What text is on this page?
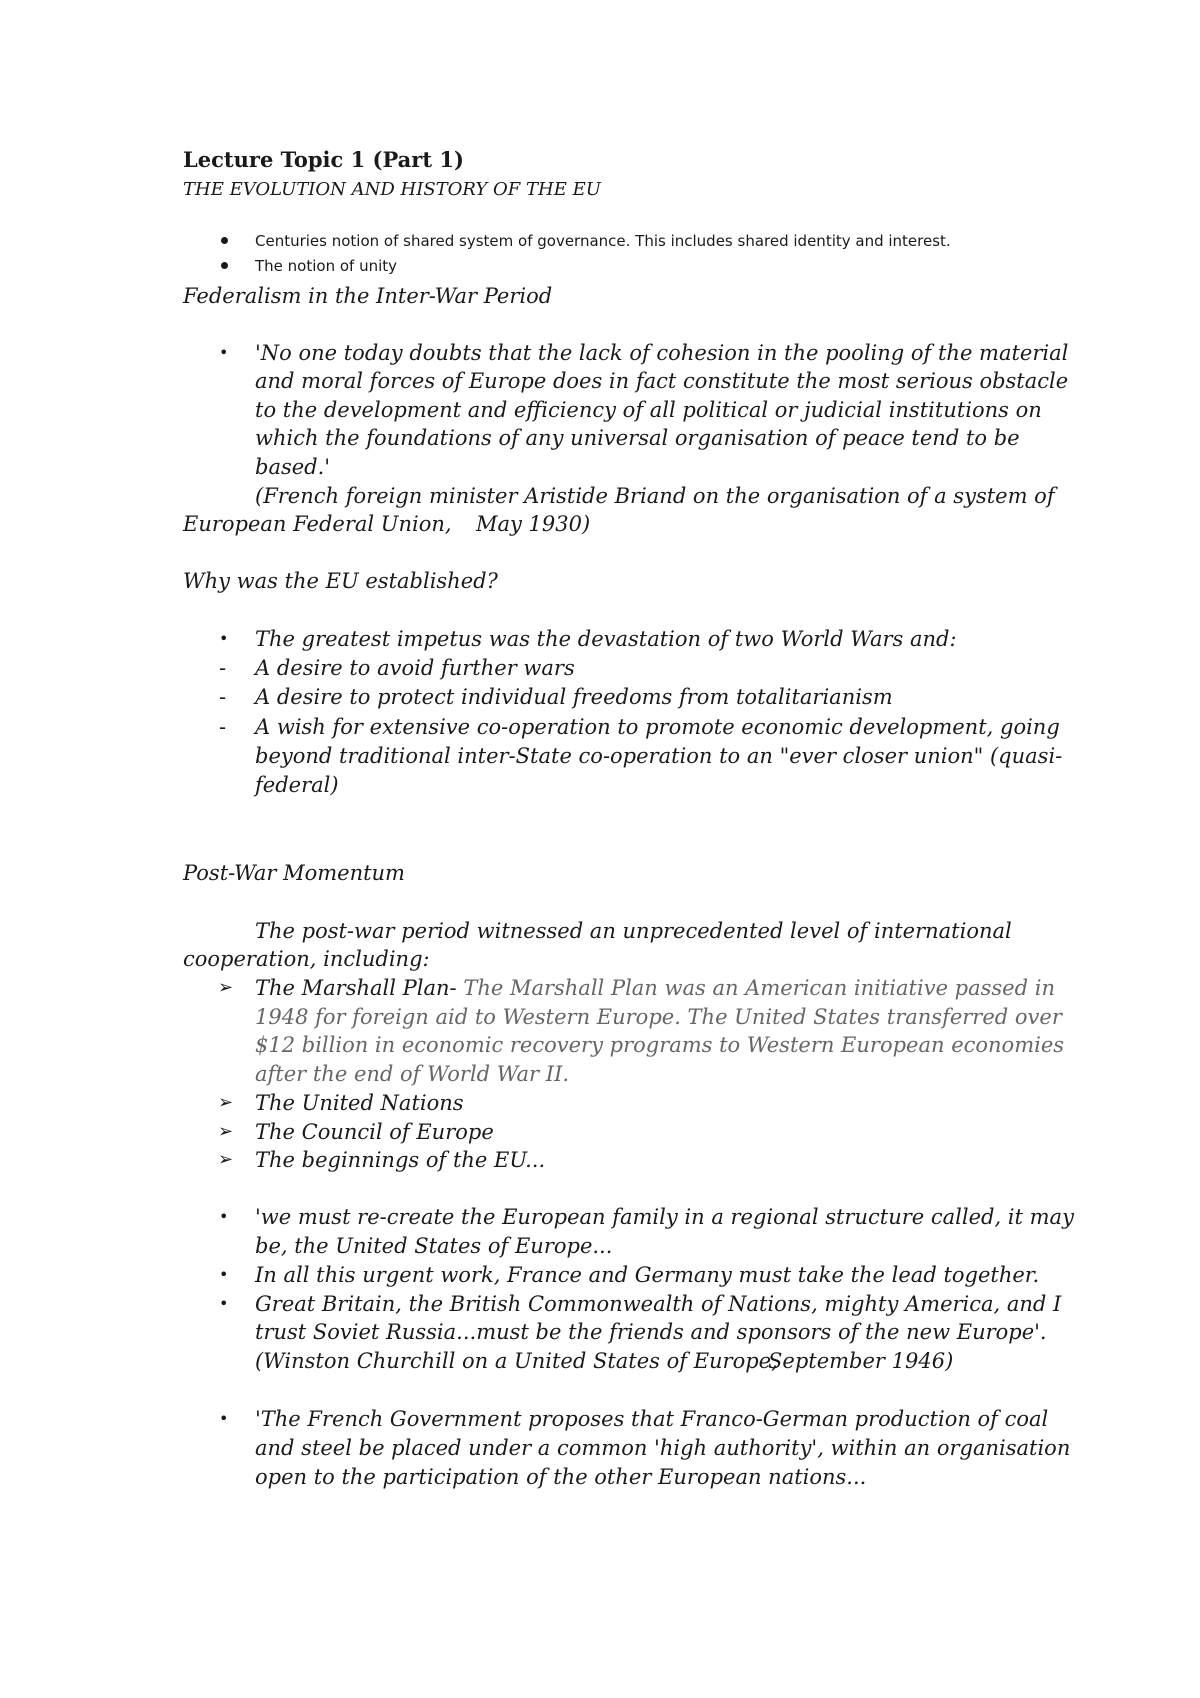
Lecture Topic 1 (Part 1)
THE EVOLUTION AND HISTORY OF THE EU
Centuries notion of shared system of governance. This includes shared identity and interest.
The notion of unity
Federalism in the Inter-War Period
• 'No one today doubts that the lack of cohesion in the pooling of the material
and moral forces of Europe does in fact constitute the most serious obstacle
to the development and efficiency of all political or judicial institutions on
which the foundations of any universal organisation of peace tend to be
based.'
(French foreign minister Aristide Briand on the organisation of a system of
European Federal Union, May 1930)
Why was the EU established?
• The greatest impetus was the devastation of two World Wars and:
- A desire to avoid further wars
- A desire to protect individual freedoms from totalitarianism
- A wish for extensive co-operation to promote economic development, going
beyond traditional inter-State co-operation to an "ever closer union" (quasi-
federal)
Post-War Momentum
The post-war period witnessed an unprecedented level of international
cooperation, including:
➢ The Marshall Plan- The Marshall Plan was an American initiative passed in
1948 for foreign aid to Western Europe. The United States transferred over
$12 billion in economic recovery programs to Western European economies
after the end of World War II.
➢ The United Nations
➢ The Council of Europe
➢ The beginnings of the EU...
• 'we must re-create the European family in a regional structure called, it may
be, the United States of Europe...
• In all this urgent work, France and Germany must take the lead together.
• Great Britain, the British Commonwealth of Nations, mighty America, and I
trust Soviet Russia...must be the friends and sponsors of the new Europe'.
(Winston Churchill on a United States of Europe,
September 1946)
• 'The French Government proposes that Franco-German production of coal
and steel be placed under a common 'high authority', within an organisation
open to the participation of the other European nations...
